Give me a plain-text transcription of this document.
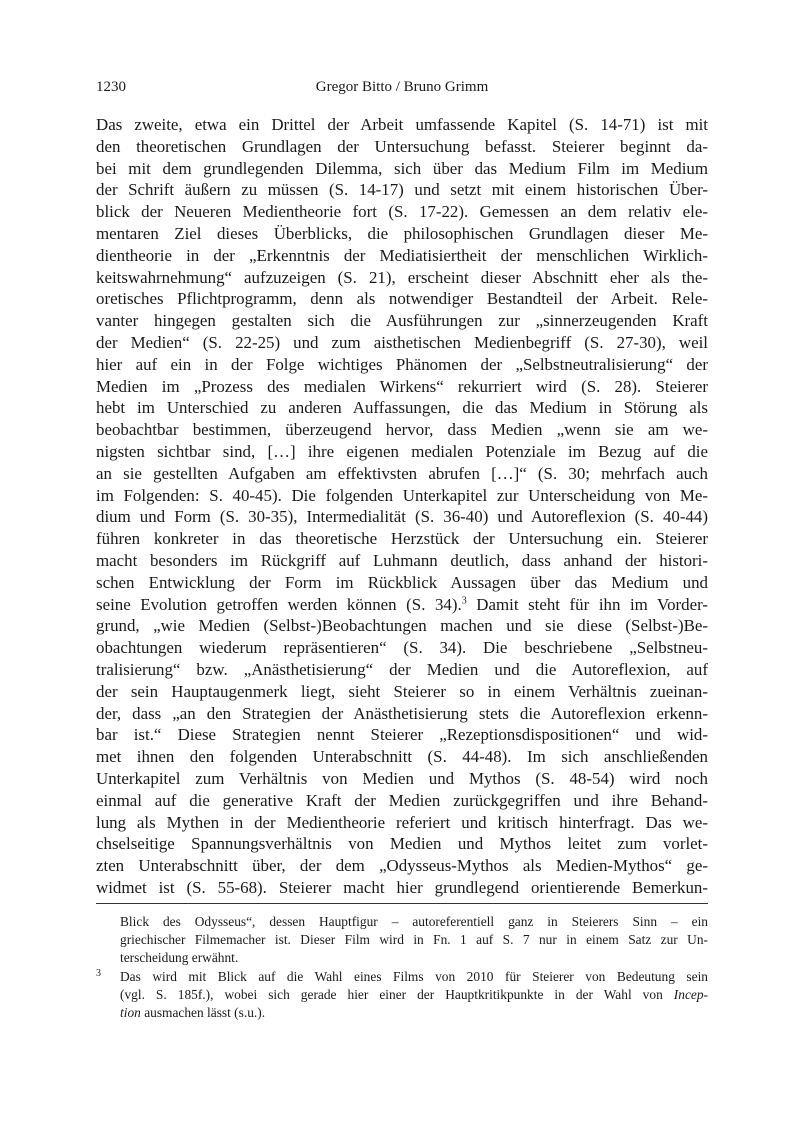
1230	Gregor Bitto / Bruno Grimm
Das zweite, etwa ein Drittel der Arbeit umfassende Kapitel (S. 14-71) ist mit
den theoretischen Grundlagen der Untersuchung befasst. Steierer beginnt da-
bei mit dem grundlegenden Dilemma, sich über das Medium Film im Medium
der Schrift äußern zu müssen (S. 14-17) und setzt mit einem historischen Über-
blick der Neueren Medientheorie fort (S. 17-22). Gemessen an dem relativ ele-
mentaren Ziel dieses Überblicks, die philosophischen Grundlagen dieser Me-
dientheorie in der „Erkenntnis der Mediatisiertheit der menschlichen Wirklich-
keitswahrnehmung“ aufzuzeigen (S. 21), erscheint dieser Abschnitt eher als the-
oretisches Pflichtprogramm, denn als notwendiger Bestandteil der Arbeit. Rele-
vanter hingegen gestalten sich die Ausführungen zur „sinnerzeugenden Kraft
der Medien“ (S. 22-25) und zum aisthetischen Medienbegriff (S. 27-30), weil
hier auf ein in der Folge wichtiges Phänomen der „Selbstneutralisierung“ der
Medien im „Prozess des medialen Wirkens“ rekurriert wird (S. 28). Steierer
hebt im Unterschied zu anderen Auffassungen, die das Medium in Störung als
beobachtbar bestimmen, überzeugend hervor, dass Medien „wenn sie am we-
nigsten sichtbar sind, […] ihre eigenen medialen Potenziale im Bezug auf die
an sie gestellten Aufgaben am effektivsten abrufen […]“ (S. 30; mehrfach auch
im Folgenden: S. 40-45). Die folgenden Unterkapitel zur Unterscheidung von Me-
dium und Form (S. 30-35), Intermedialität (S. 36-40) und Autoreflexion (S. 40-44)
führen konkreter in das theoretische Herzstück der Untersuchung ein. Steierer
macht besonders im Rückgriff auf Luhmann deutlich, dass anhand der histori-
schen Entwicklung der Form im Rückblick Aussagen über das Medium und
seine Evolution getroffen werden können (S. 34).$^3$ Damit steht für ihn im Vorder-
grund, „wie Medien (Selbst-)Beobachtungen machen und sie diese (Selbst-)Be-
obachtungen wiederum repräsentieren“ (S. 34). Die beschriebene „Selbstneu-
tralisierung“ bzw. „Anästhetisierung“ der Medien und die Autoreflexion, auf
der sein Hauptaugenmerk liegt, sieht Steierer so in einem Verhältnis zueinan-
der, dass „an den Strategien der Anästhetisierung stets die Autoreflexion erkenn-
bar ist.“ Diese Strategien nennt Steierer „Rezeptionsdispositionen“ und wid-
met ihnen den folgenden Unterabschnitt (S. 44-48). Im sich anschließenden
Unterkapitel zum Verhältnis von Medien und Mythos (S. 48-54) wird noch
einmal auf die generative Kraft der Medien zurückgegriffen und ihre Behand-
lung als Mythen in der Medientheorie referiert und kritisch hinterfragt. Das we-
chselseitige Spannungsverhältnis von Medien und Mythos leitet zum vorlet-
zten Unterabschnitt über, der dem „Odysseus-Mythos als Medien-Mythos“ ge-
widmet ist (S. 55-68). Steierer macht hier grundlegend orientierende Bemerkun-
Blick des Odysseus“, dessen Hauptfigur – autoreferentiell ganz in Steierers Sinn – ein
griechischer Filmemacher ist. Dieser Film wird in Fn. 1 auf S. 7 nur in einem Satz zur Un-
terscheidung erwähnt.
3 Das wird mit Blick auf die Wahl eines Films von 2010 für Steierer von Bedeutung sein
(vgl. S. 185f.), wobei sich gerade hier einer der Hauptkritikpunkte in der Wahl von Incep-
tion ausmachen lässt (s.u.).
